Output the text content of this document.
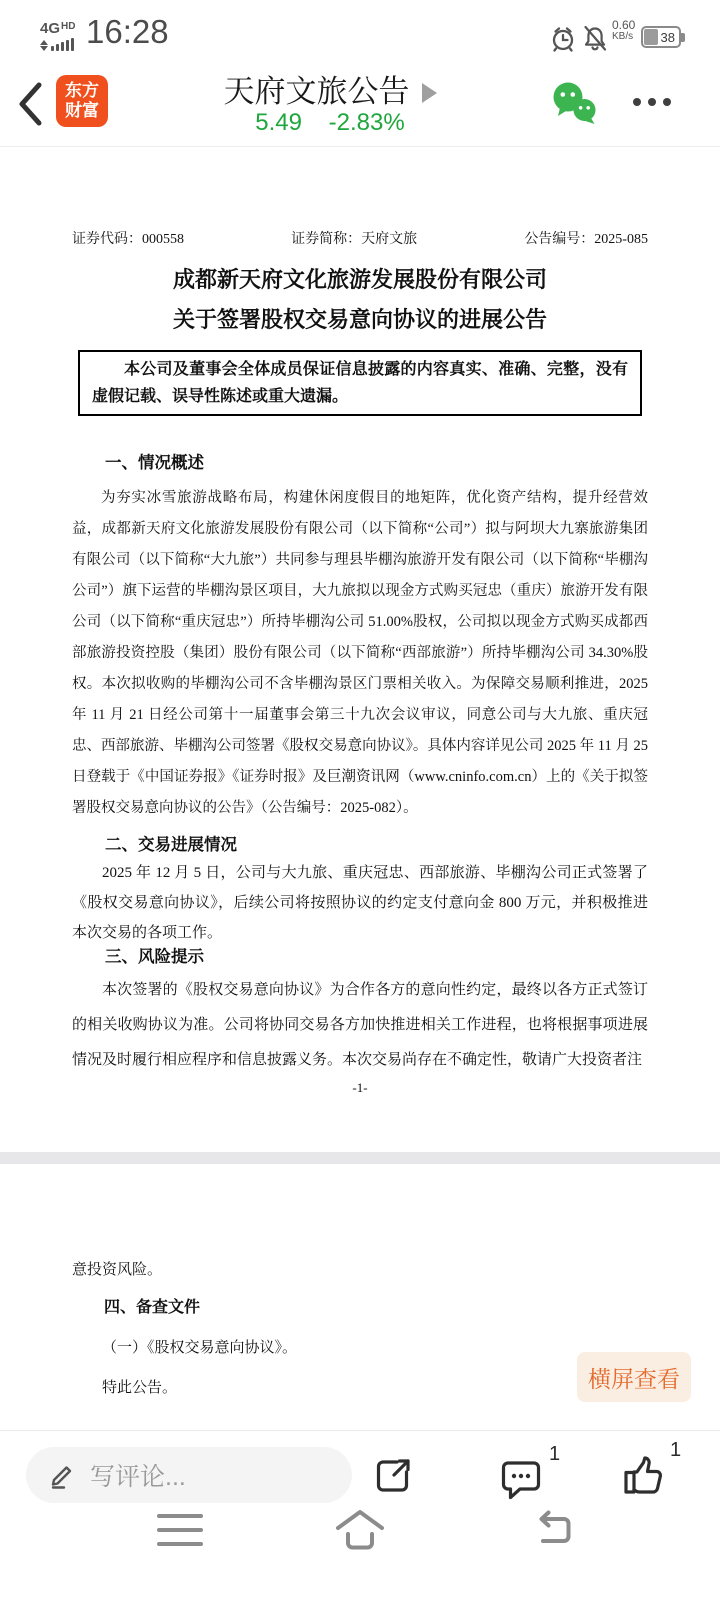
$4G^{HD}$ 16:28	0.60
KB/s 38
东方
财富
天府文旅公告
5.49 -2.83%
证券代码：000558	证券简称：天府文旅	公告编号：2025-085
成都新天府文化旅游发展股份有限公司
关于签署股权交易意向协议的进展公告
本公司及董事会全体成员保证信息披露的内容真实、准确、完整，没有虚假记载、误导性陈述或重大遗漏。
一、情况概述
为夯实冰雪旅游战略布局，构建休闲度假目的地矩阵，优化资产结构，提升经营效益，成都新天府文化旅游发展股份有限公司（以下简称“公司”）拟与阿坝大九寨旅游集团有限公司（以下简称“大九旅”）共同参与理县毕棚沟旅游开发有限公司（以下简称“毕棚沟公司”）旗下运营的毕棚沟景区项目，大九旅拟以现金方式购买冠忠（重庆）旅游开发有限公司（以下简称“重庆冠忠”）所持毕棚沟公司 51.00%股权，公司拟以现金方式购买成都西部旅游投资控股（集团）股份有限公司（以下简称“西部旅游”）所持毕棚沟公司 34.30%股权。本次拟收购的毕棚沟公司不含毕棚沟景区门票相关收入。为保障交易顺利推进，2025 年 11 月 21 日经公司第十一届董事会第三十九次会议审议，同意公司与大九旅、重庆冠忠、西部旅游、毕棚沟公司签署《股权交易意向协议》。具体内容详见公司 2025 年 11 月 25 日登载于《中国证券报》《证券时报》及巨潮资讯网（www.cninfo.com.cn）上的《关于拟签署股权交易意向协议的公告》（公告编号：2025-082）。
二、交易进展情况
2025 年 12 月 5 日，公司与大九旅、重庆冠忠、西部旅游、毕棚沟公司正式签署了《股权交易意向协议》，后续公司将按照协议的约定支付意向金 800 万元，并积极推进本次交易的各项工作。
三、风险提示
本次签署的《股权交易意向协议》为合作各方的意向性约定，最终以各方正式签订的相关收购协议为准。公司将协同交易各方加快推进相关工作进程，也将根据事项进展情况及时履行相应程序和信息披露义务。本次交易尚存在不确定性，敬请广大投资者注
-1-
意投资风险。
四、备查文件
（一）《股权交易意向协议》。
特此公告。	横屏查看
写评论...
1	1
